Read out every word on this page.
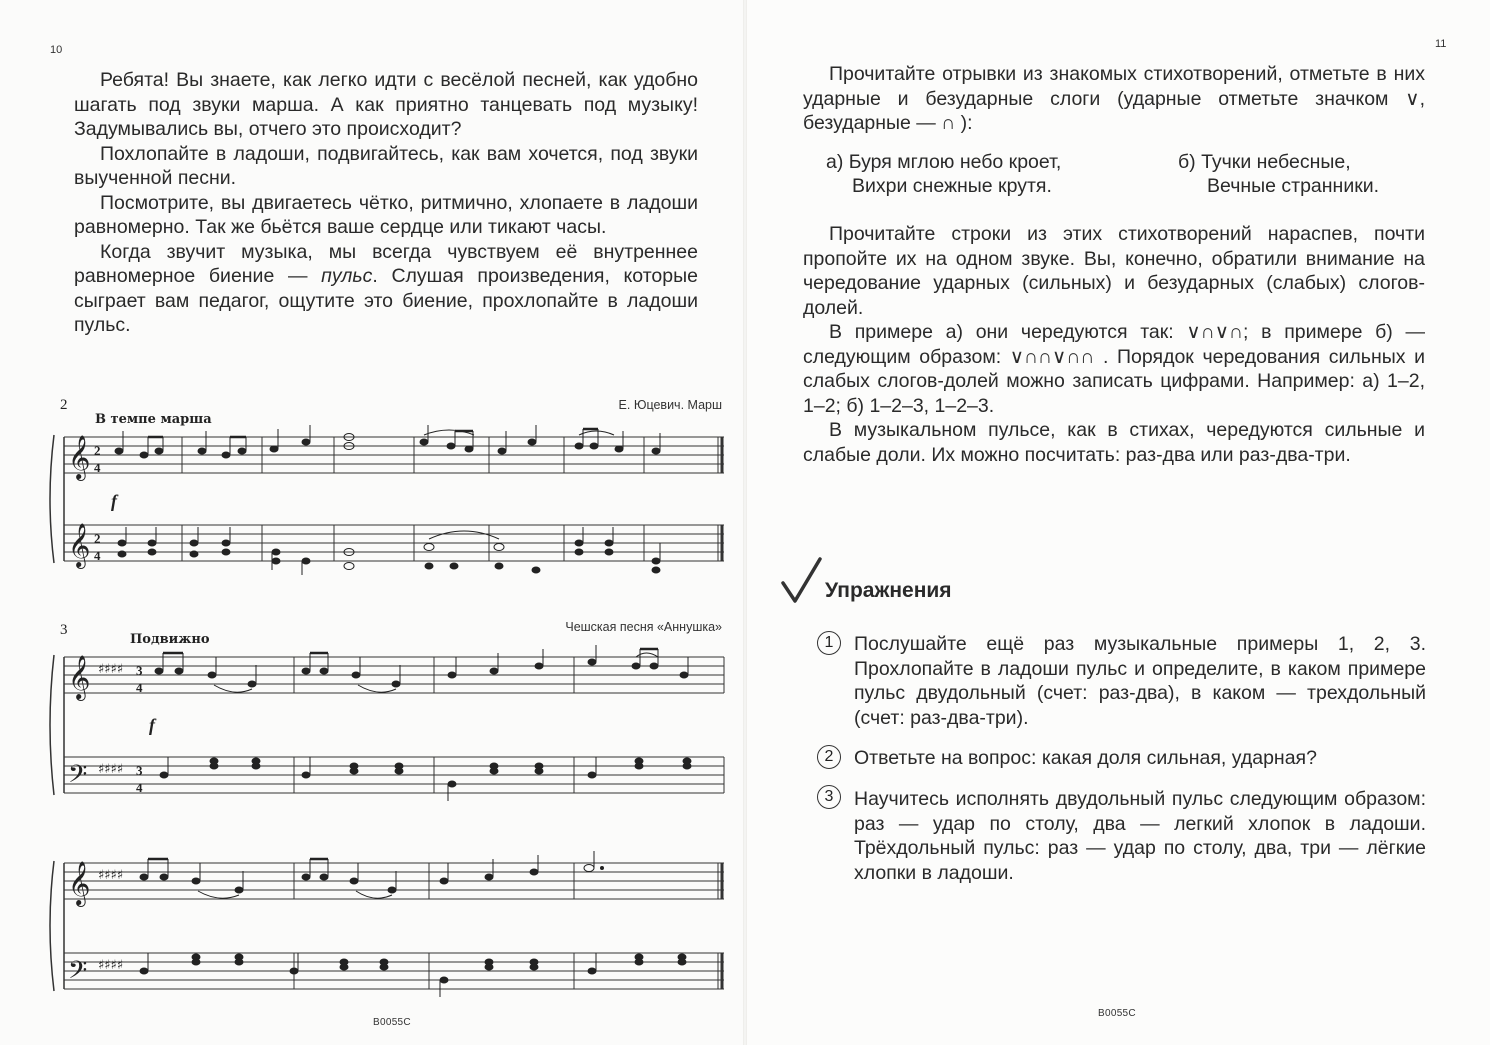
10

Ребята! Вы знаете, как легко идти с весёлой песней, как удобно шагать под звуки марша. А как приятно танцевать под музыку! Задумывались вы, отчего это происходит?

Похлопайте в ладоши, подвигайтесь, как вам хочется, под звуки выученной песни.

Посмотрите, вы двигаетесь чётко, ритмично, хлопаете в ладоши равномерно. Так же бьётся ваше сердце или тикают часы.

Когда звучит музыка, мы всегда чувствуем её внутреннее равномерное биение — пульс. Слушая произведения, которые сыграет вам педагог, ощутите это биение, прохлопайте в ладоши пульс.

2
В темпе марша
Е. Юцевич. Марш
𝄞
𝄞
2
4
2
4
f
3
Подвижно
Чешская песня «Аннушка»
𝄞
𝄢
♯♯♯♯
♯♯♯♯
3
4
3
4
f
𝄞
𝄢
♯♯♯♯
♯♯♯♯
B0055C
11

Прочитайте отрывки из знакомых стихотворений, отметьте в них ударные и безударные слоги (ударные отметьте значком ∨, безударные — ∩ ):

а) Буря мглою небо кроет,
Вихри снежные крутя.
б) Тучки небесные,
Вечные странники.

Прочитайте строки из этих стихотворений нараспев, почти пропойте их на одном звуке. Вы, конечно, обратили внимание на чередование ударных (сильных) и безударных (слабых) слогов-долей.

В примере а) они чередуются так: ∨∩∨∩; в примере б) — следующим образом: ∨∩∩∨∩∩ . Порядок чередования сильных и слабых слогов-долей можно записать цифрами. Например: а) 1–2, 1–2; б) 1–2–3, 1–2–3.

В музыкальном пульсе, как в стихах, чередуются сильные и слабые доли. Их можно посчитать: раз-два или раз-два-три.

Упражнения
1	Послушайте ещё раз музыкальные примеры 1, 2, 3. Прохлопайте в ладоши пульс и определите, в каком примере пульс двудольный (счет: раз-два), в каком — трехдольный (счет: раз-два-три).
2	Ответьте на вопрос: какая доля сильная, ударная?
3	Научитесь исполнять двудольный пульс следующим образом: раз — удар по столу, два — легкий хлопок в ладоши. Трёхдольный пульс: раз — удар по столу, два, три — лёгкие хлопки в ладоши.
B0055C
